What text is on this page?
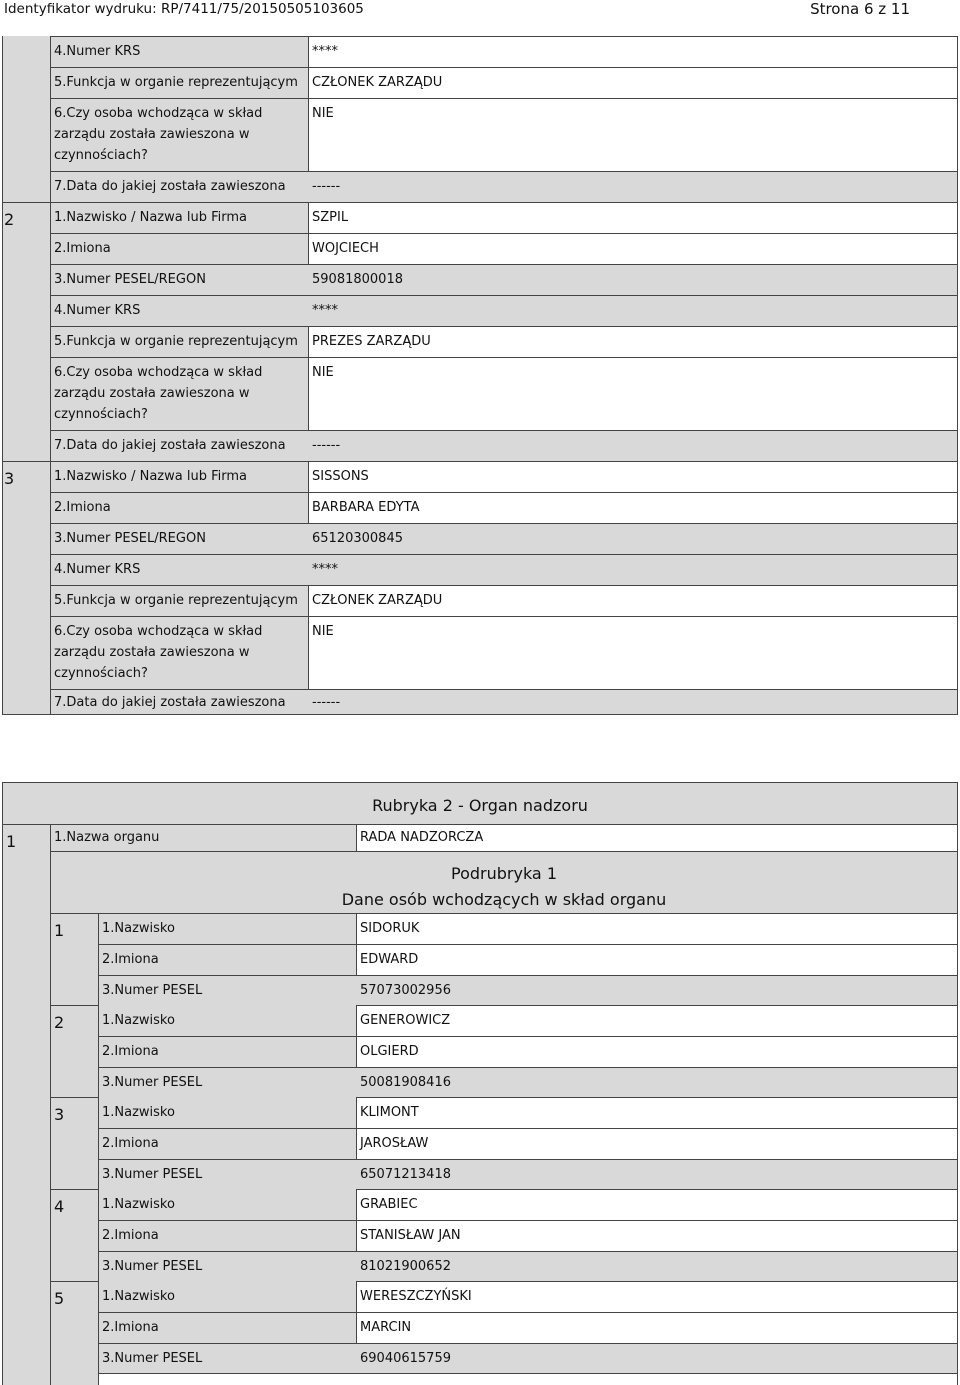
Identyfikator wydruku: RP/7411/75/20150505103605	Strona 6 z 11
4.Numer KRS	****
5.Funkcja w organie reprezentującym CZŁONEK ZARZĄDU
6.Czy osoba wchodząca w skład
zarządu została zawieszona w
czynnościach?
NIE
7.Data do jakiej została zawieszona ------
2	1.Nazwisko / Nazwa lub Firma	SZPIL
2.Imiona	WOJCIECH
3.Numer PESEL/REGON	59081800018
4.Numer KRS	****
5.Funkcja w organie reprezentującym PREZES ZARZĄDU
6.Czy osoba wchodząca w skład
zarządu została zawieszona w
czynnościach?
NIE
7.Data do jakiej została zawieszona ------
3	1.Nazwisko / Nazwa lub Firma	SISSONS
2.Imiona	BARBARA EDYTA
3.Numer PESEL/REGON	65120300845
4.Numer KRS	****
5.Funkcja w organie reprezentującym CZŁONEK ZARZĄDU
6.Czy osoba wchodząca w skład
zarządu została zawieszona w
czynnościach?
NIE
7.Data do jakiej została zawieszona ------
Rubryka 2 - Organ nadzoru
1	1.Nazwa organu	RADA NADZORCZA
Podrubryka 1
Dane osób wchodzących w skład organu
1	1.Nazwisko	SIDORUK
2.Imiona	EDWARD
3.Numer PESEL	57073002956
2	1.Nazwisko	GENEROWICZ
2.Imiona	OLGIERD
3.Numer PESEL	50081908416
3	1.Nazwisko	KLIMONT
2.Imiona	JAROSŁAW
3.Numer PESEL	65071213418
4	1.Nazwisko	GRABIEC
2.Imiona	STANISŁAW JAN
3.Numer PESEL	81021900652
5	1.Nazwisko	WERESZCZYŃSKI
2.Imiona	MARCIN
3.Numer PESEL	69040615759
